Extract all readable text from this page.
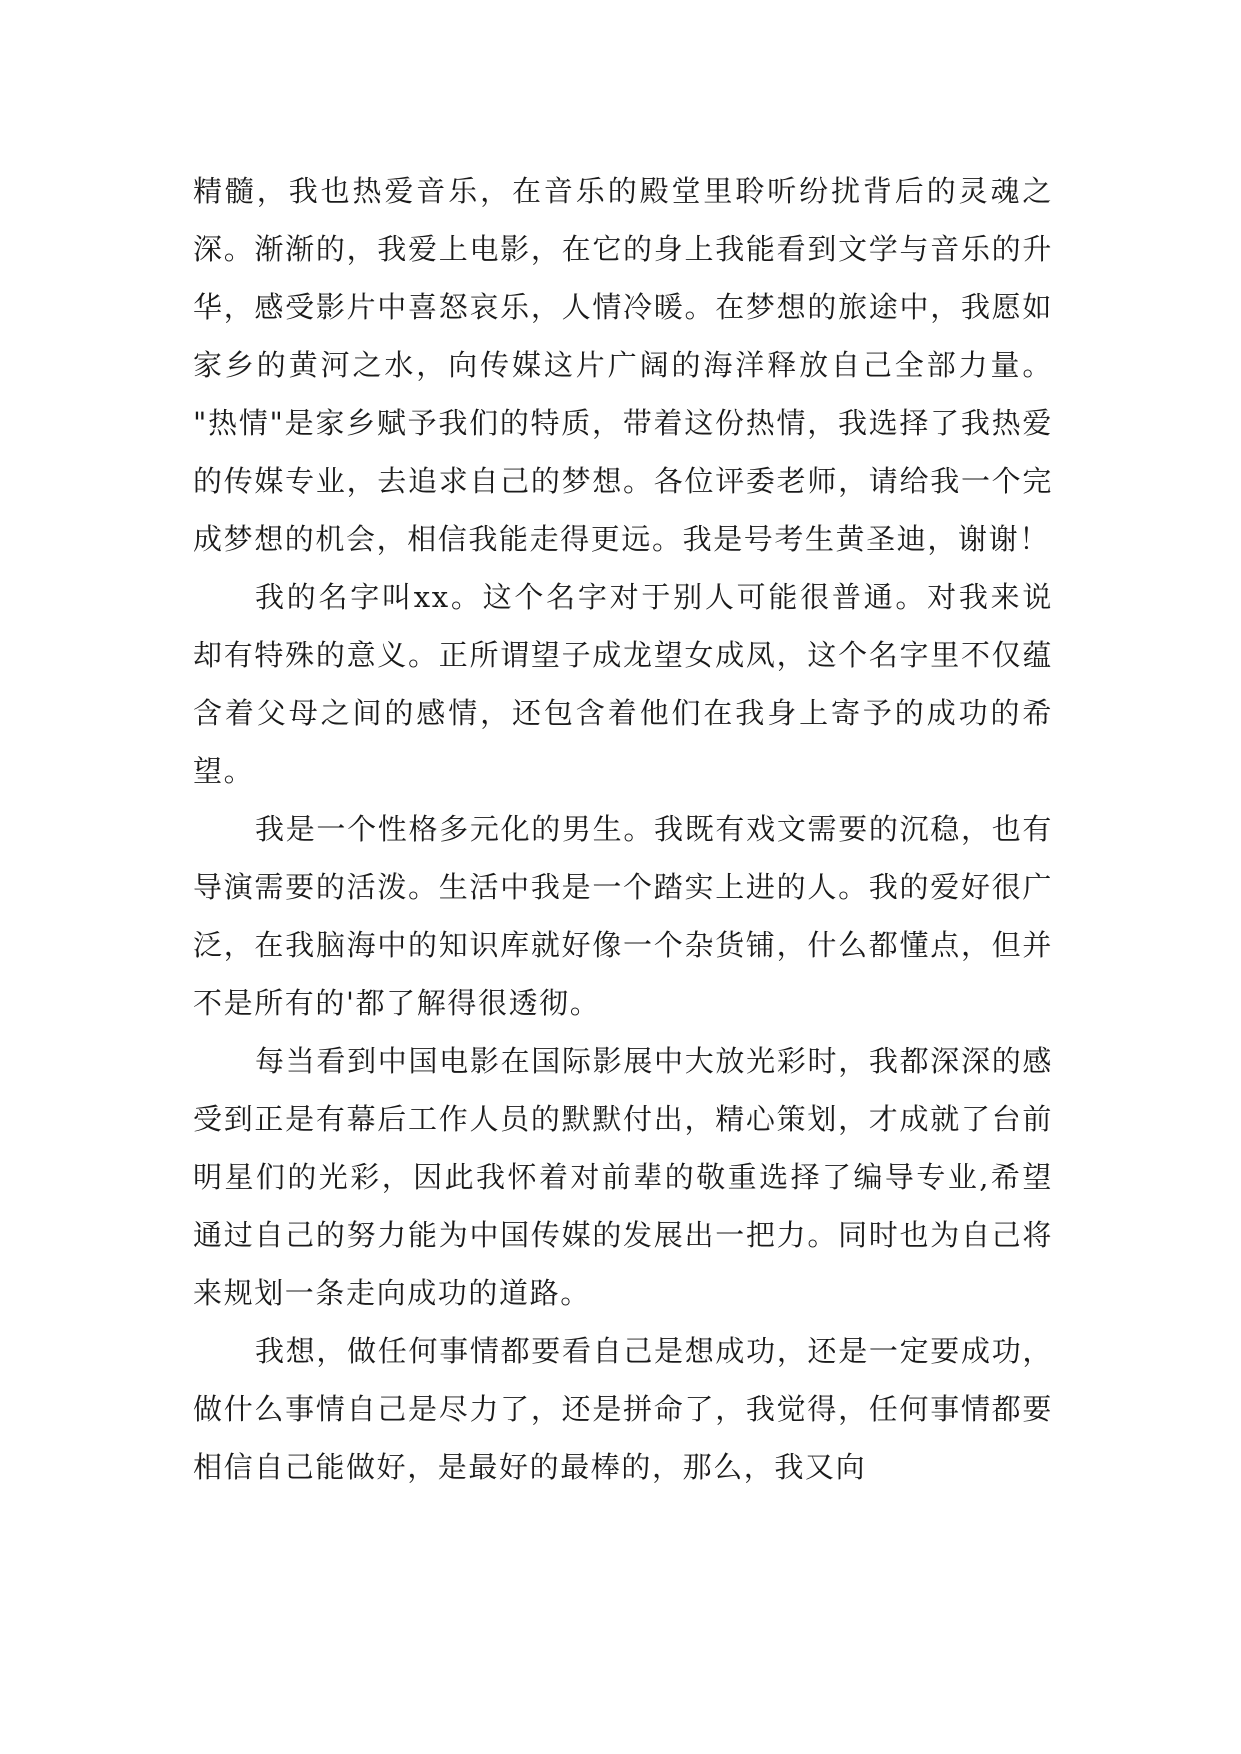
精髓，我也热爱音乐，在音乐的殿堂里聆听纷扰背后的灵魂之深。渐渐的，我爱上电影，在它的身上我能看到文学与音乐的升华，感受影片中喜怒哀乐，人情冷暖。在梦想的旅途中，我愿如家乡的黄河之水，向传媒这片广阔的海洋释放自己全部力量。 "热情"是家乡赋予我们的特质，带着这份热情，我选择了我热爱的传媒专业，去追求自己的梦想。各位评委老师，请给我一个完成梦想的机会，相信我能走得更远。我是号考生黄圣迪，谢谢！

我的名字叫xx。这个名字对于别人可能很普通。对我来说却有特殊的意义。正所谓望子成龙望女成凤，这个名字里不仅蕴含着父母之间的感情，还包含着他们在我身上寄予的成功的希望。

我是一个性格多元化的男生。我既有戏文需要的沉稳，也有导演需要的活泼。生活中我是一个踏实上进的人。我的爱好很广泛，在我脑海中的知识库就好像一个杂货铺，什么都懂点，但并不是所有的'都了解得很透彻。

每当看到中国电影在国际影展中大放光彩时，我都深深的感受到正是有幕后工作人员的默默付出，精心策划，才成就了台前明星们的光彩，因此我怀着对前辈的敬重选择了编导专业,希望通过自己的努力能为中国传媒的发展出一把力。同时也为自己将来规划一条走向成功的道路。

我想，做任何事情都要看自己是想成功，还是一定要成功，做什么事情自己是尽力了，还是拼命了，我觉得，任何事情都要相信自己能做好，是最好的最棒的，那么，我又向
